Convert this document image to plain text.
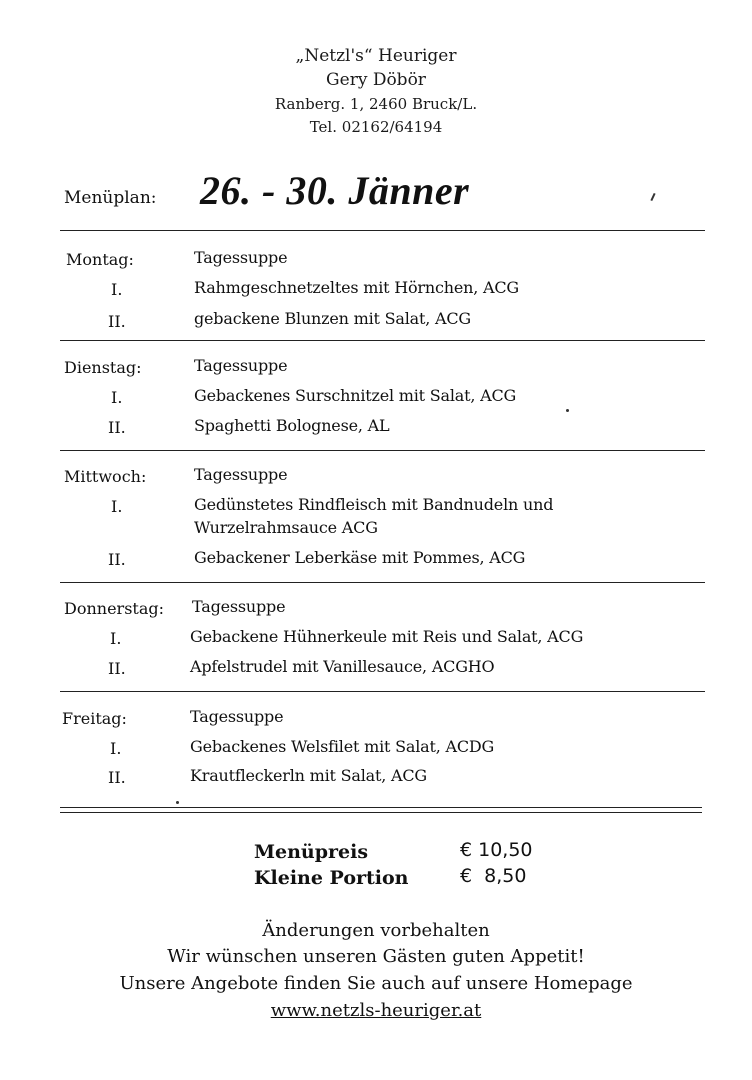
„Netzl's“ Heuriger
Gery Döbör
Ranberg. 1, 2460 Bruck/L.
Tel. 02162/64194
Menüplan: 26. - 30. Jänner
Montag:	Tagessuppe
I.	Rahmgeschnetzeltes mit Hörnchen, ACG
II.	gebackene Blunzen mit Salat, ACG
Dienstag:	Tagessuppe
I.	Gebackenes Surschnitzel mit Salat, ACG
II.	Spaghetti Bolognese, AL
Mittwoch:	Tagessuppe
I.	Gedünstetes Rindfleisch mit Bandnudeln und
Wurzelrahmsauce ACG
II.	Gebackener Leberkäse mit Pommes, ACG
Donnerstag: Tagessuppe
I.	Gebackene Hühnerkeule mit Reis und Salat, ACG
II.	Apfelstrudel mit Vanillesauce, ACGHO
Freitag:	Tagessuppe
I.	Gebackenes Welsfilet mit Salat, ACDG
II.	Krautfleckerln mit Salat, ACG
Menüpreis	€ 10,50
Kleine Portion	€  8,50
Änderungen vorbehalten
Wir wünschen unseren Gästen guten Appetit!
Unsere Angebote finden Sie auch auf unsere Homepage
www.netzls-heuriger.at
